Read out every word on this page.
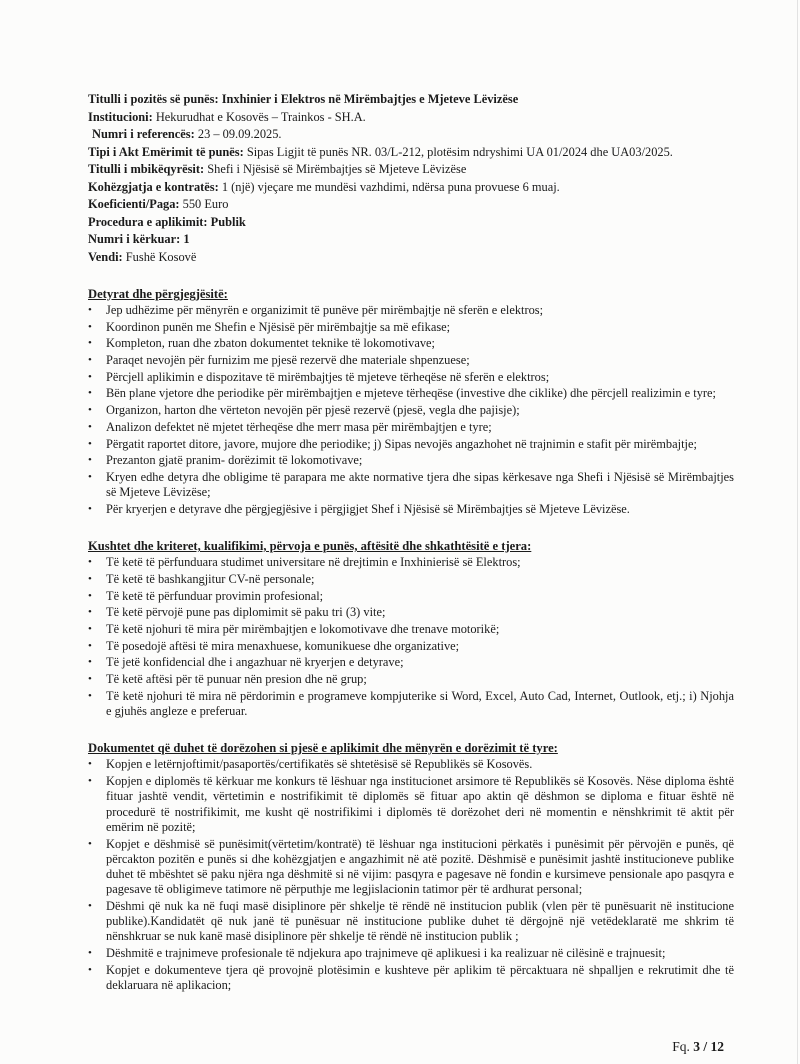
Titulli i pozitës së punës: Inxhinier i Elektros në Mirëmbajtjes e Mjeteve Lëvizëse
Institucioni: Hekurudhat e Kosovës – Trainkos - SH.A.
Numri i referencës: 23 – 09.09.2025.
Tipi i Akt Emërimit të punës: Sipas Ligjit të punës NR. 03/L-212, plotësim ndryshimi UA 01/2024 dhe UA03/2025.
Titulli i mbikëqyrësit: Shefi i Njësisë së Mirëmbajtjes së Mjeteve Lëvizëse
Kohëzgjatja e kontratës: 1 (një) vjeçare me mundësi vazhdimi, ndërsa puna provuese 6 muaj.
Koeficienti/Paga: 550 Euro
Procedura e aplikimit: Publik
Numri i kërkuar: 1
Vendi: Fushë Kosovë
Detyrat dhe përgjegjësitë:
• Jep udhëzime për mënyrën e organizimit të punëve për mirëmbajtje në sferën e elektros;
• Koordinon punën me Shefin e Njësisë për mirëmbajtje sa më efikase;
• Kompleton, ruan dhe zbaton dokumentet teknike të lokomotivave;
• Paraqet nevojën për furnizim me pjesë rezervë dhe materiale shpenzuese;
• Përcjell aplikimin e dispozitave të mirëmbajtjes të mjeteve tërheqëse në sferën e elektros;
• Bën plane vjetore dhe periodike për mirëmbajtjen e mjeteve tërheqëse (investive dhe ciklike) dhe përcjell realizimin e tyre;
• Organizon, harton dhe vërteton nevojën për pjesë rezervë (pjesë, vegla dhe pajisje);
• Analizon defektet në mjetet tërheqëse dhe merr masa për mirëmbajtjen e tyre;
• Përgatit raportet ditore, javore, mujore dhe periodike; j) Sipas nevojës angazhohet në trajnimin e stafit për mirëmbajtje;
• Prezanton gjatë pranim- dorëzimit të lokomotivave;
• Kryen edhe detyra dhe obligime të parapara me akte normative tjera dhe sipas kërkesave nga Shefi i Njësisë së Mirëmbajtjes së Mjeteve Lëvizëse;
• Për kryerjen e detyrave dhe përgjegjësive i përgjigjet Shef i Njësisë së Mirëmbajtjes së Mjeteve Lëvizëse.
Kushtet dhe kriteret, kualifikimi, përvoja e punës, aftësitë dhe shkathtësitë e tjera:
• Të ketë të përfunduara studimet universitare në drejtimin e Inxhinierisë së Elektros;
• Të ketë të bashkangjitur CV-në personale;
• Të ketë të përfunduar provimin profesional;
• Të ketë përvojë pune pas diplomimit së paku tri (3) vite;
• Të ketë njohuri të mira për mirëmbajtjen e lokomotivave dhe trenave motorikë;
• Të posedojë aftësi të mira menaxhuese, komunikuese dhe organizative;
• Të jetë konfidencial dhe i angazhuar në kryerjen e detyrave;
• Të ketë aftësi për të punuar nën presion dhe në grup;
• Të ketë njohuri të mira në përdorimin e programeve kompjuterike si Word, Excel, Auto Cad, Internet, Outlook, etj.; i) Njohja e gjuhës angleze e preferuar.
Dokumentet që duhet të dorëzohen si pjesë e aplikimit dhe mënyrën e dorëzimit të tyre:
• Kopjen e letërnjoftimit/pasaportës/certifikatës së shtetësisë së Republikës së Kosovës.
• Kopjen e diplomës të kërkuar me konkurs të lëshuar nga institucionet arsimore të Republikës së Kosovës. Nëse diploma është fituar jashtë vendit, vërtetimin e nostrifikimit të diplomës së fituar apo aktin që dëshmon se diploma e fituar është në procedurë të nostrifikimit, me kusht që nostrifikimi i diplomës të dorëzohet deri në momentin e nënshkrimit të aktit për emërim në pozitë;
• Kopjet e dëshmisë së punësimit(vërtetim/kontratë) të lëshuar nga institucioni përkatës i punësimit për përvojën e punës, që përcakton pozitën e punës si dhe kohëzgjatjen e angazhimit në atë pozitë. Dëshmisë e punësimit jashtë institucioneve publike duhet të mbështet së paku njëra nga dëshmitë si në vijim: pasqyra e pagesave në fondin e kursimeve pensionale apo pasqyra e pagesave të obligimeve tatimore në përputhje me legjislacionin tatimor për të ardhurat personal;
• Dëshmi që nuk ka në fuqi masë disiplinore për shkelje të rëndë në institucion publik (vlen për të punësuarit në institucione publike).Kandidatët që nuk janë të punësuar në institucione publike duhet të dërgojnë një vetëdeklaratë me shkrim të nënshkruar se nuk kanë masë disiplinore për shkelje të rëndë në institucion publik ;
• Dëshmitë e trajnimeve profesionale të ndjekura apo trajnimeve që aplikuesi i ka realizuar në cilësinë e trajnuesit;
• Kopjet e dokumenteve tjera që provojnë plotësimin e kushteve për aplikim të përcaktuara në shpalljen e rekrutimit dhe të deklaruara në aplikacion;
Fq. 3 / 12
